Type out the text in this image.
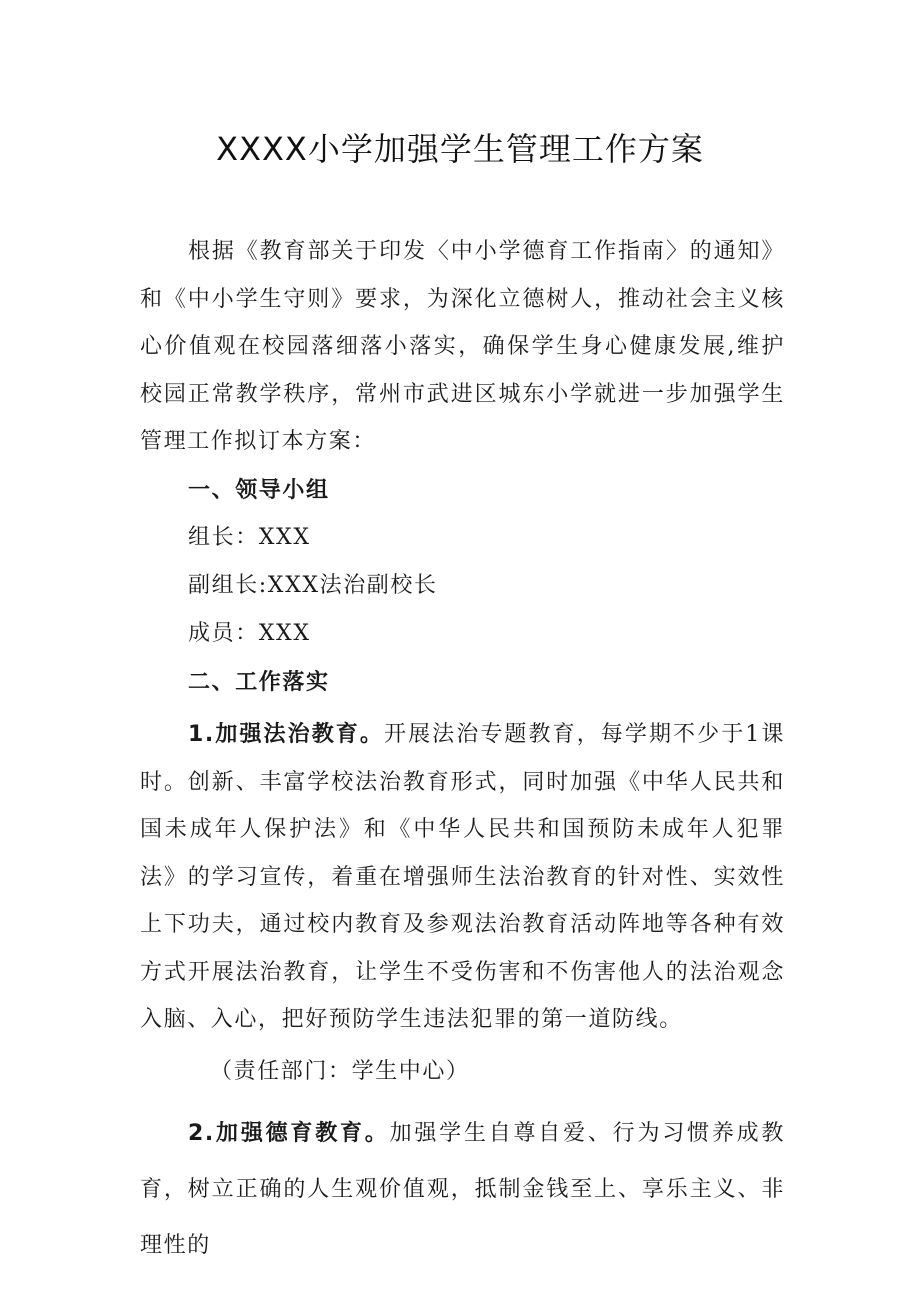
XXXX小学加强学生管理工作方案

根据《教育部关于印发〈中小学德育工作指南〉的通知》和《中小学生守则》要求，为深化立德树人，推动社会主义核心价值观在校园落细落小落实，确保学生身心健康发展,维护校园正常教学秩序，常州市武进区城东小学就进一步加强学生管理工作拟订本方案：

一、领导小组

组长：XXX

副组长:XXX法治副校长

成员：XXX

二、工作落实

1.加强法治教育。开展法治专题教育，每学期不少于1课时。创新、丰富学校法治教育形式，同时加强《中华人民共和国未成年人保护法》和《中华人民共和国预防未成年人犯罪法》的学习宣传，着重在增强师生法治教育的针对性、实效性上下功夫，通过校内教育及参观法治教育活动阵地等各种有效方式开展法治教育，让学生不受伤害和不伤害他人的法治观念入脑、入心，把好预防学生违法犯罪的第一道防线。

（责任部门：学生中心）

2.加强德育教育。加强学生自尊自爱、行为习惯养成教育，树立正确的人生观价值观，抵制金钱至上、享乐主义、非理性的
